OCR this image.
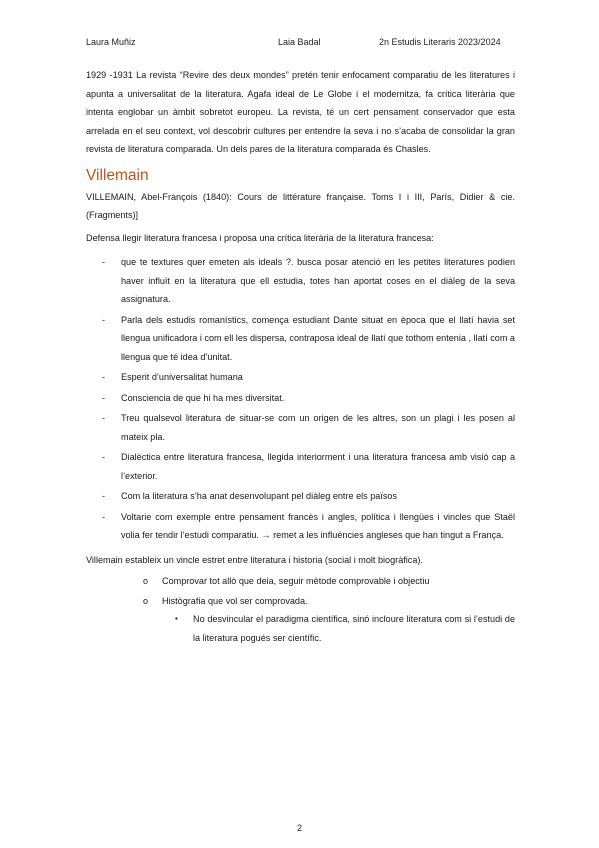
Laura Muñiz	Laia Badal	2n Estudis Literaris 2023/2024

1929 -1931 La revista “Revire des deux mondes” pretén tenir enfocament comparatiu de les literatures i apunta a universalitat de la literatura. Agafa ideal de Le Globe i el modernitza, fa crítica literària que intenta englobar un àmbit sobretot europeu. La revista, té un cert pensament conservador que esta arrelada en el seu context, vol descobrir cultures per entendre la seva i no s’acaba de consolidar la gran revista de literatura comparada. Un dels pares de la literatura comparada és Chasles.

Villemain

VILLEMAIN, Abel-François (1840): Cours de littérature française. Toms I i III, París, Didier & cie. (Fragments)]

Defensa llegir literatura francesa i proposa una crítica literària de la literatura francesa:

- que te textures quer emeten als ideals ?. busca posar atenció en les petites literatures podien haver influït en la literatura que ell estudia, totes han aportat coses en el diàleg de la seva assignatura.

- Parla dels estudis romanístics, comença estudiant Dante situat en època que el llatí havia set llengua unificadora i com ell les dispersa, contraposa ideal de llatí que tothom entenia , llatí com a llengua que té idea d’unitat.

- Esperit d’universalitat humana

- Consciencia de que hi ha mes diversitat.

- Treu qualsevol literatura de situar-se com un origen de les altres, son un plagi i les posen al mateix pla.

- Dialèctica entre literatura francesa, llegida interiorment i una literatura francesa amb visió cap a l’exterior.

- Com la literatura s’ha anat desenvolupant pel diàleg entre els països

- Voltarie com exemple entre pensament francès i angles, política i llengües i vincles que Staël volia fer tendir l’estudi comparatiu. → remet a les influències angleses que han tingut a França.

Villemain estableix un vincle estret entre literatura i historia (social i molt biogràfica).

o Comprovar tot allò que deia, seguir mètode comprovable i objectiu

o Histògrafia que vol ser comprovada.

▪ No desvincular el paradigma científica, sinó incloure literatura com si l’estudi de la literatura pogués ser científic.

2
